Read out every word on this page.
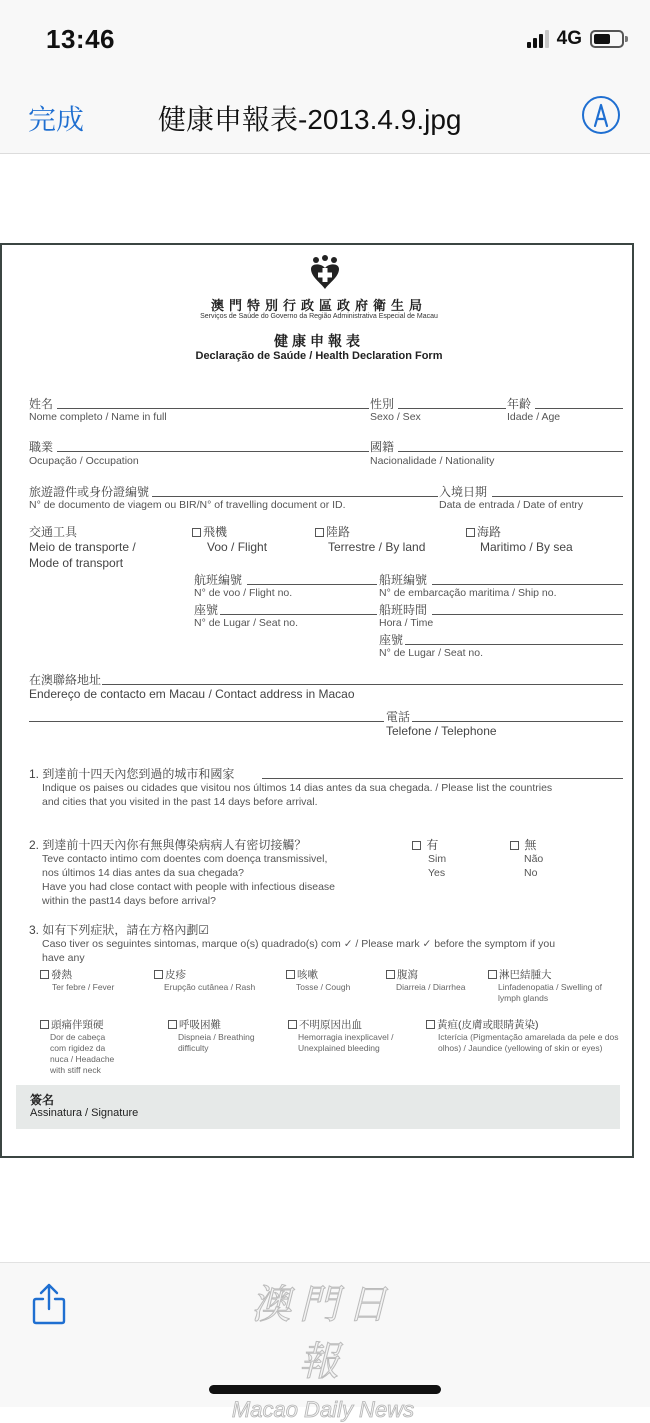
13:46	4G
完成	健康申報表-2013.4.9.jpg
澳門特別行政區政府衛生局
Serviços de Saúde do Governo da Região Administrativa Especial de Macau
健康申報表
Declaração de Saúde / Health Declaration Form
姓名
Nome completo / Name in full
性別
Sexo / Sex
年齡
Idade / Age
職業
Ocupação / Occupation
國籍
Nacionalidade / Nationality
旅遊證件或身份證編號
N° de documento de viagem ou BIR/N° of travelling document or ID.
入境日期
Data de entrada / Date of entry
交通工具
Meio de transporte /
Mode of transport
飛機
Voo / Flight
陸路
Terrestre / By land
海路
Maritimo / By sea
航班編號
N° de voo / Flight no.
座號
N° de Lugar / Seat no.
船班編號
N° de embarcação maritima / Ship no.
船班時間
Hora / Time
座號
N° de Lugar / Seat no.
在澳聯絡地址
Endereço de contacto em Macau / Contact address in Macao
電話
Telefone / Telephone
1. 到達前十四天內您到過的城市和國家
Indique os paises ou cidades que visitou nos últimos 14 dias antes da sua chegada. / Please list the countries
and cities that you visited in the past 14 days before arrival.
2. 到達前十四天內你有無與傳染病病人有密切接觸？
Teve contacto intimo com doentes com doença transmissivel,
nos últimos 14 dias antes da sua chegada?
Have you had close contact with people with infectious disease
within the past14 days before arrival?
有
Sim
Yes
無
Não
No
3. 如有下列症狀，請在方格內劃☑
Caso tiver os seguintes sintomas, marque o(s) quadrado(s) com ✓ / Please mark ✓ before the symptom if you
have any
發熱
Ter febre / Fever
皮疹
Erupção cutânea / Rash
咳嗽
Tosse / Cough
腹瀉
Diarreia / Diarrhea
淋巴結腫大
Linfadenopatia / Swelling of lymph glands
頭痛伴頸硬
Dor de cabeça com rigidez da nuca / Headache with stiff neck
呼吸困難
Dispneia / Breathing difficulty
不明原因出血
Hemorragia inexplicavel / Unexplained bleeding
黃疸(皮膚或眼睛黃染)
Icterícia (Pigmentação amarelada da pele e dos olhos) / Jaundice (yellowing of skin or eyes)
簽名
Assinatura / Signature
澳門日報
Macao Daily News
